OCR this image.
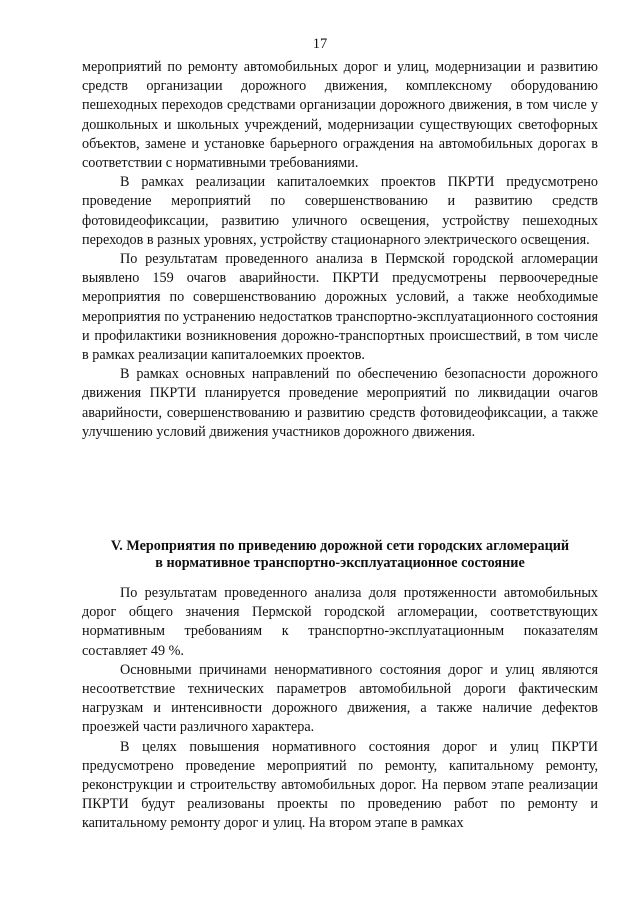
17

мероприятий по ремонту автомобильных дорог и улиц, модернизации и развитию средств организации дорожного движения, комплексному оборудованию пешеходных переходов средствами организации дорожного движения, в том числе у дошкольных и школьных учреждений, модернизации существующих светофорных объектов, замене и установке барьерного ограждения на автомобильных дорогах в соответствии с нормативными требованиями.

В рамках реализации капиталоемких проектов ПКРТИ предусмотрено проведение мероприятий по совершенствованию и развитию средств фотовидеофиксации, развитию уличного освещения, устройству пешеходных переходов в разных уровнях, устройству стационарного электрического освещения.

По результатам проведенного анализа в Пермской городской агломерации выявлено 159 очагов аварийности. ПКРТИ предусмотрены первоочередные мероприятия по совершенствованию дорожных условий, а также необходимые мероприятия по устранению недостатков транспортно-эксплуатационного состояния и профилактики возникновения дорожно-транспортных происшествий, в том числе в рамках реализации капиталоемких проектов.

В рамках основных направлений по обеспечению безопасности дорожного движения ПКРТИ планируется проведение мероприятий по ликвидации очагов аварийности, совершенствованию и развитию средств фотовидеофиксации, а также улучшению условий движения участников дорожного движения.

V. Мероприятия по приведению дорожной сети городских агломераций
в нормативное транспортно-эксплуатационное состояние

По результатам проведенного анализа доля протяженности автомобильных дорог общего значения Пермской городской агломерации, соответствующих нормативным требованиям к транспортно-эксплуатационным показателям составляет 49 %.

Основными причинами ненормативного состояния дорог и улиц являются несоответствие технических параметров автомобильной дороги фактическим нагрузкам и интенсивности дорожного движения, а также наличие дефектов проезжей части различного характера.

В целях повышения нормативного состояния дорог и улиц ПКРТИ предусмотрено проведение мероприятий по ремонту, капитальному ремонту, реконструкции и строительству автомобильных дорог. На первом этапе реализации ПКРТИ будут реализованы проекты по проведению работ по ремонту и капитальному ремонту дорог и улиц. На втором этапе в рамках
